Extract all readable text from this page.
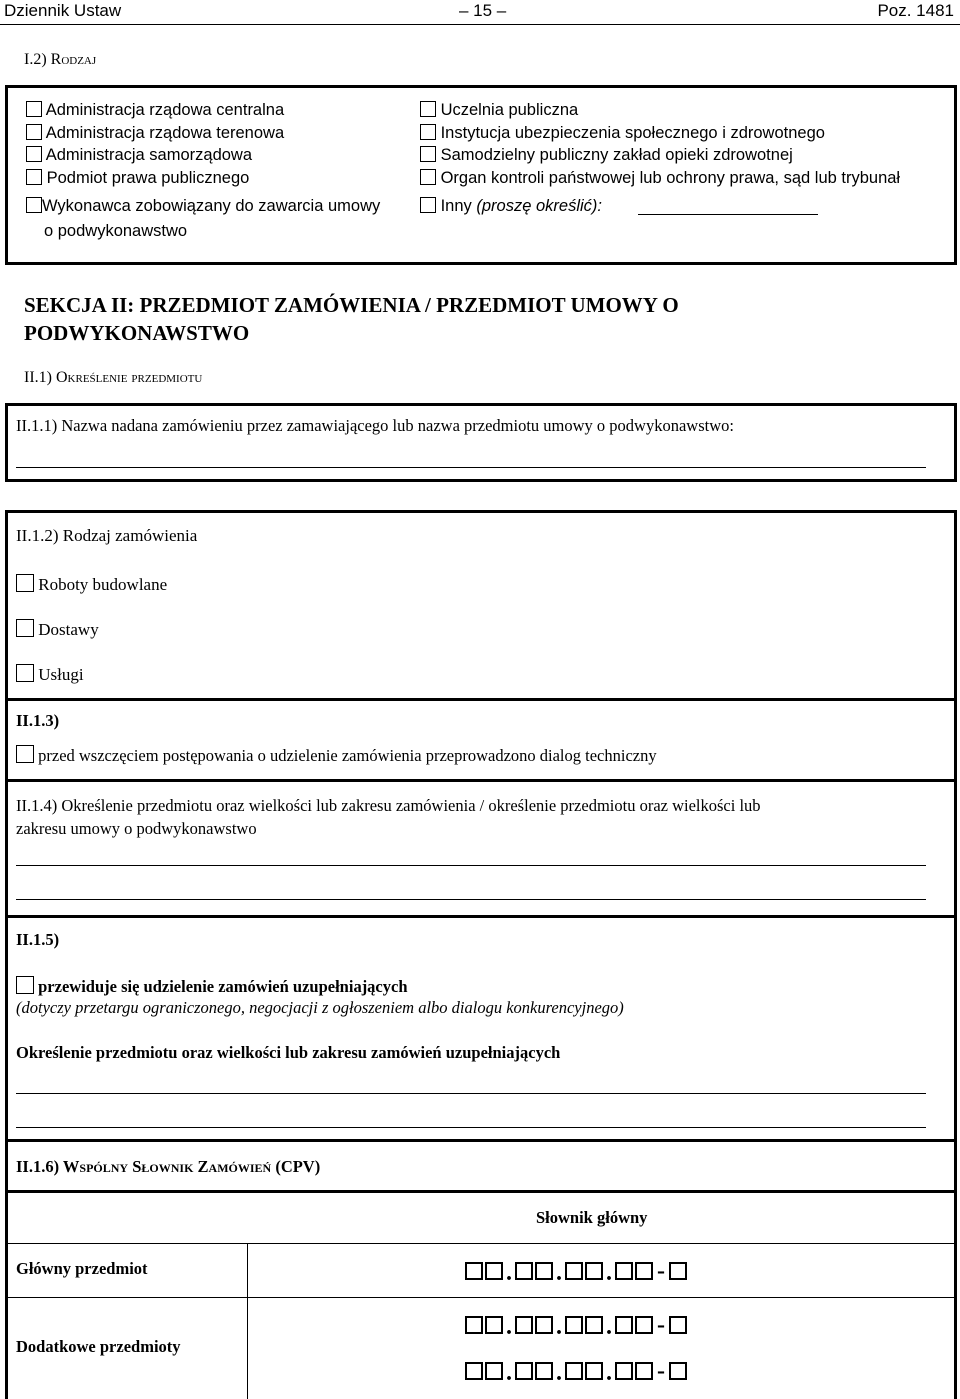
Dziennik Ustaw	– 15 –	Poz. 1481
I.2) Rodzaj
Administracja rządowa centralna
Administracja rządowa terenowa
Administracja samorządowa
Podmiot prawa publicznego
Wykonawca zobowiązany do zawarcia umowy
o podwykonawstwo
Uczelnia publiczna
Instytucja ubezpieczenia społecznego i zdrowotnego
Samodzielny publiczny zakład opieki zdrowotnej
Organ kontroli państwowej lub ochrony prawa, sąd lub trybunał
Inny (proszę określić):
SEKCJA II: PRZEDMIOT ZAMÓWIENIA / PRZEDMIOT UMOWY O
PODWYKONAWSTWO
II.1) Określenie przedmiotu
II.1.1) Nazwa nadana zamówieniu przez zamawiającego lub nazwa przedmiotu umowy o podwykonawstwo:
II.1.2) Rodzaj zamówienia
Roboty budowlane
Dostawy
Usługi
II.1.3)
przed wszczęciem postępowania o udzielenie zamówienia przeprowadzono dialog techniczny
II.1.4) Określenie przedmiotu oraz wielkości lub zakresu zamówienia / określenie przedmiotu oraz wielkości lub
zakresu umowy o podwykonawstwo
II.1.5)
przewiduje się udzielenie zamówień uzupełniających
(dotyczy przetargu ograniczonego, negocjacji z ogłoszeniem albo dialogu konkurencyjnego)
Określenie przedmiotu oraz wielkości lub zakresu zamówień uzupełniających
II.1.6) Wspólny Słownik Zamówień (CPV)
Słownik główny
Główny przedmiot
Dodatkowe przedmioty
. . . -
. . . -
. . . -
